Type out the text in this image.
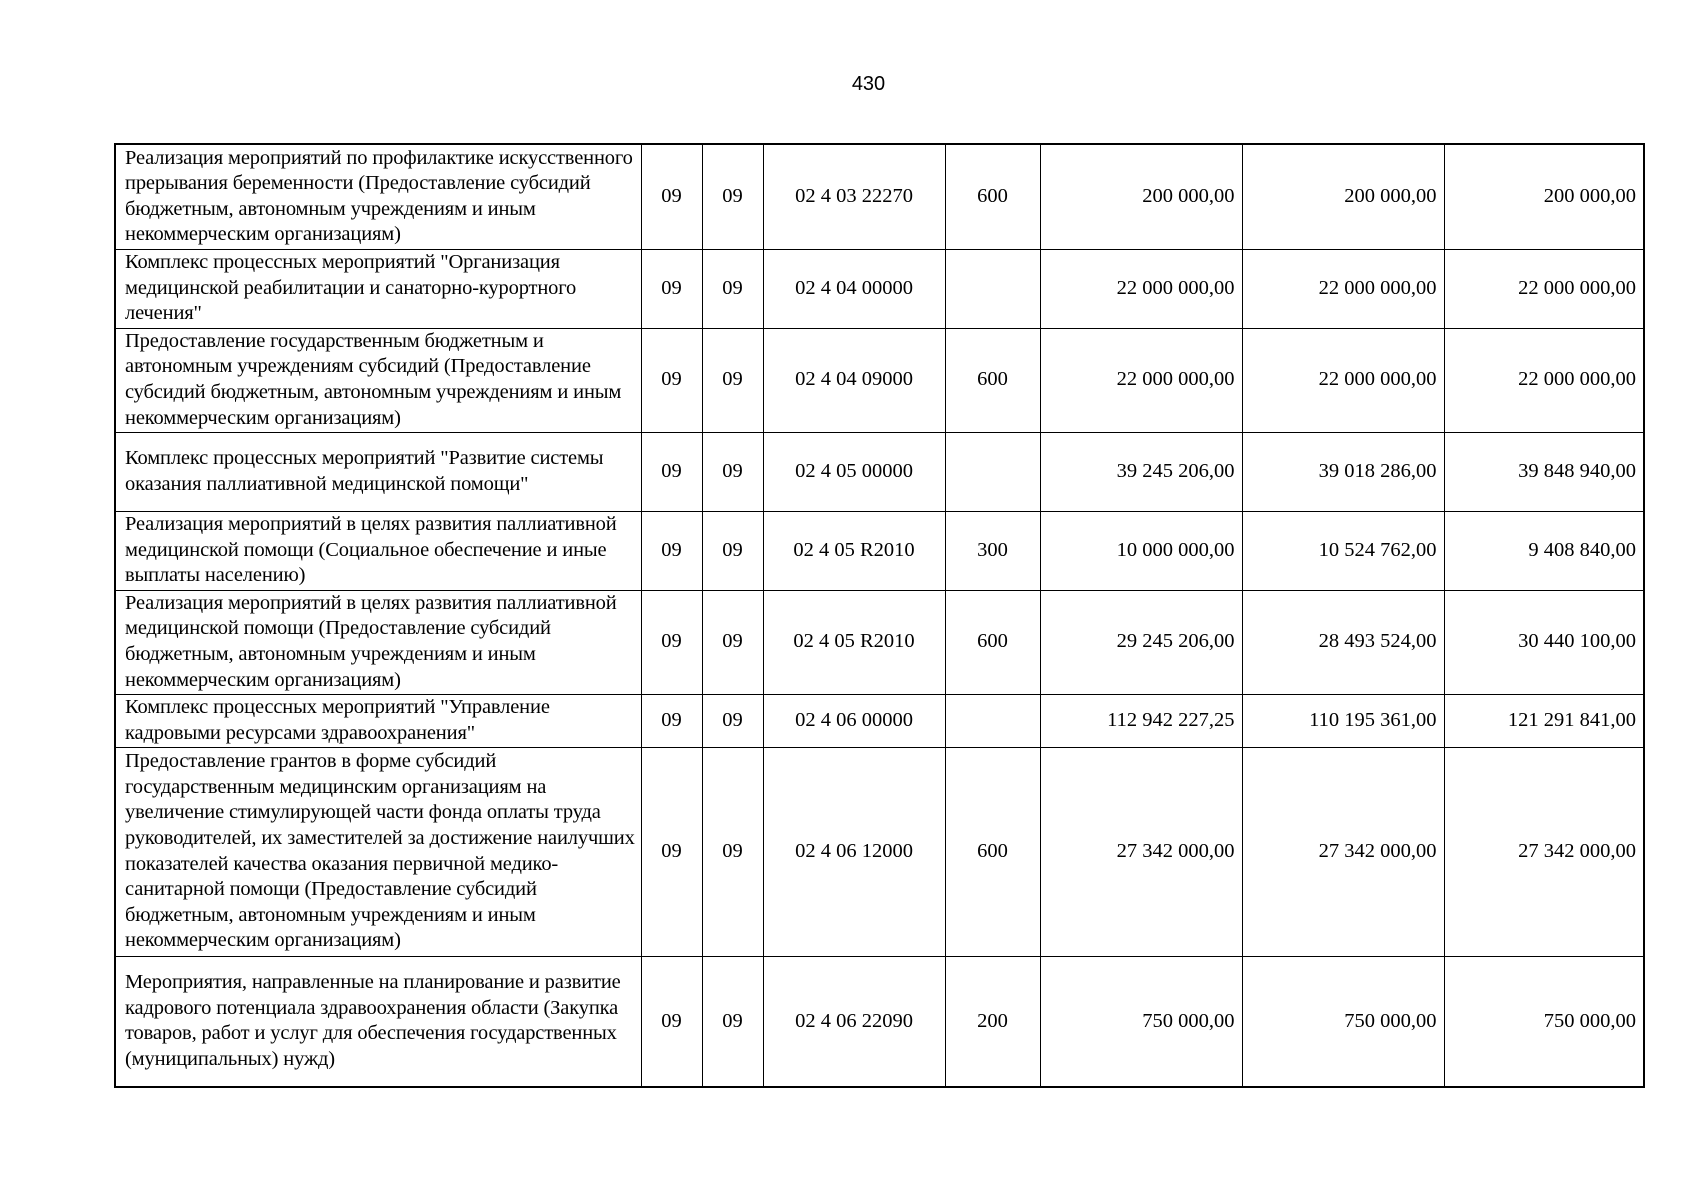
430
Реализация мероприятий по профилактике искусственного прерывания беременности (Предоставление субсидий бюджетным, автономным учреждениям и иным некоммерческим организациям)	09	09	02 4 03 22270	600	200 000,00	200 000,00	200 000,00
Комплекс процессных мероприятий "Организация медицинской реабилитации и санаторно-курортного лечения"	09	09	02 4 04 00000		22 000 000,00	22 000 000,00	22 000 000,00
Предоставление государственным бюджетным и автономным учреждениям субсидий (Предоставление субсидий бюджетным, автономным учреждениям и иным некоммерческим организациям)	09	09	02 4 04 09000	600	22 000 000,00	22 000 000,00	22 000 000,00
Комплекс процессных мероприятий "Развитие системы оказания паллиативной медицинской помощи"	09	09	02 4 05 00000		39 245 206,00	39 018 286,00	39 848 940,00
Реализация мероприятий в целях развития паллиативной медицинской помощи (Социальное обеспечение и иные выплаты населению)	09	09	02 4 05 R2010	300	10 000 000,00	10 524 762,00	9 408 840,00
Реализация мероприятий в целях развития паллиативной медицинской помощи (Предоставление субсидий бюджетным, автономным учреждениям и иным некоммерческим организациям)	09	09	02 4 05 R2010	600	29 245 206,00	28 493 524,00	30 440 100,00
Комплекс процессных мероприятий "Управление кадровыми ресурсами здравоохранения"	09	09	02 4 06 00000		112 942 227,25	110 195 361,00	121 291 841,00
Предоставление грантов в форме субсидий государственным медицинским организациям на увеличение стимулирующей части фонда оплаты труда руководителей, их заместителей за достижение наилучших показателей качества оказания первичной медико-санитарной помощи (Предоставление субсидий бюджетным, автономным учреждениям и иным некоммерческим организациям)	09	09	02 4 06 12000	600	27 342 000,00	27 342 000,00	27 342 000,00
Мероприятия, направленные на планирование и развитие кадрового потенциала здравоохранения области (Закупка товаров, работ и услуг для обеспечения государственных (муниципальных) нужд)	09	09	02 4 06 22090	200	750 000,00	750 000,00	750 000,00
